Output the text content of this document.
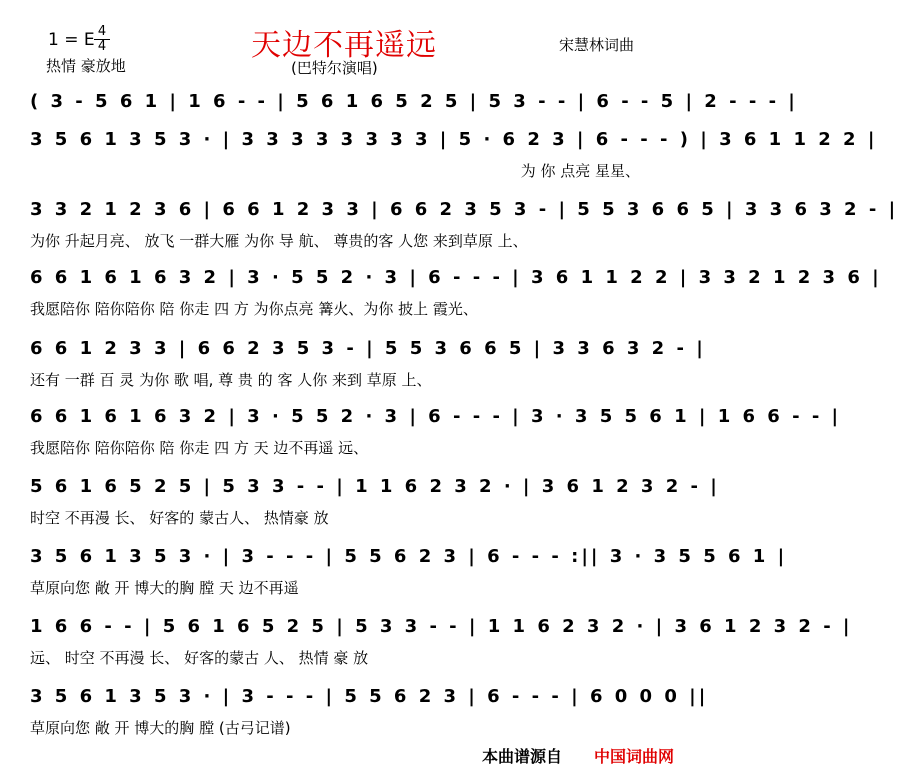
天边不再遥远
1 = E 4
4
热情 豪放地
宋慧林词曲
(巴特尔演唱)
( 3 - 5 6 1 | 1 6 - - | 5 6 1 6 5 2 5 | 5 3 - - | 6 - - 5 | 2 - - - |
3 5 6 1 3 5 3 · | 3 3 3 3 3 3 3 3 | 5 · 6 2 3 | 6 - - - ) | 3 6 1 1 2 2 |
为 你 点亮 星星、
3 3 2 1 2 3 6 | 6 6 1 2 3 3 | 6 6 2 3 5 3 - | 5 5 3 6 6 5 | 3 3 6 3 2 - |
为你 升起月亮、 放飞 一群大雁 为你 导 航、 尊贵的客 人您 来到草原 上、
6 6 1 6 1 6 3 2 | 3 · 5 5 2 · 3 | 6 - - - | 3 6 1 1 2 2 | 3 3 2 1 2 3 6 |
我愿陪你 陪你陪你 陪 你走 四 方 为你点亮 篝火、为你 披上 霞光、
6 6 1 2 3 3 | 6 6 2 3 5 3 - | 5 5 3 6 6 5 | 3 3 6 3 2 - |
还有 一群 百 灵 为你 歌 唱, 尊 贵 的 客 人你 来到 草原 上、
6 6 1 6 1 6 3 2 | 3 · 5 5 2 · 3 | 6 - - - | 3 · 3 5 5 6 1 | 1 6 6 - - |
我愿陪你 陪你陪你 陪 你走 四 方 天 边不再遥 远、
5 6 1 6 5 2 5 | 5 3 3 - - | 1 1 6 2 3 2 · | 3 6 1 2 3 2 - |
时空 不再漫 长、 好客的 蒙古人、 热情豪 放
3 5 6 1 3 5 3 · | 3 - - - | 5 5 6 2 3 | 6 - - - :|| 3 · 3 5 5 6 1 |
草原向您 敞 开 博大的胸 膛 天 边不再遥
1 6 6 - - | 5 6 1 6 5 2 5 | 5 3 3 - - | 1 1 6 2 3 2 · | 3 6 1 2 3 2 - |
远、 时空 不再漫 长、 好客的蒙古 人、 热情 豪 放
3 5 6 1 3 5 3 · | 3 - - - | 5 5 6 2 3 | 6 - - - | 6 0 0 0 ||
草原向您 敞 开 博大的胸 膛 (古弓记谱)
本曲谱源自 中国词曲网
